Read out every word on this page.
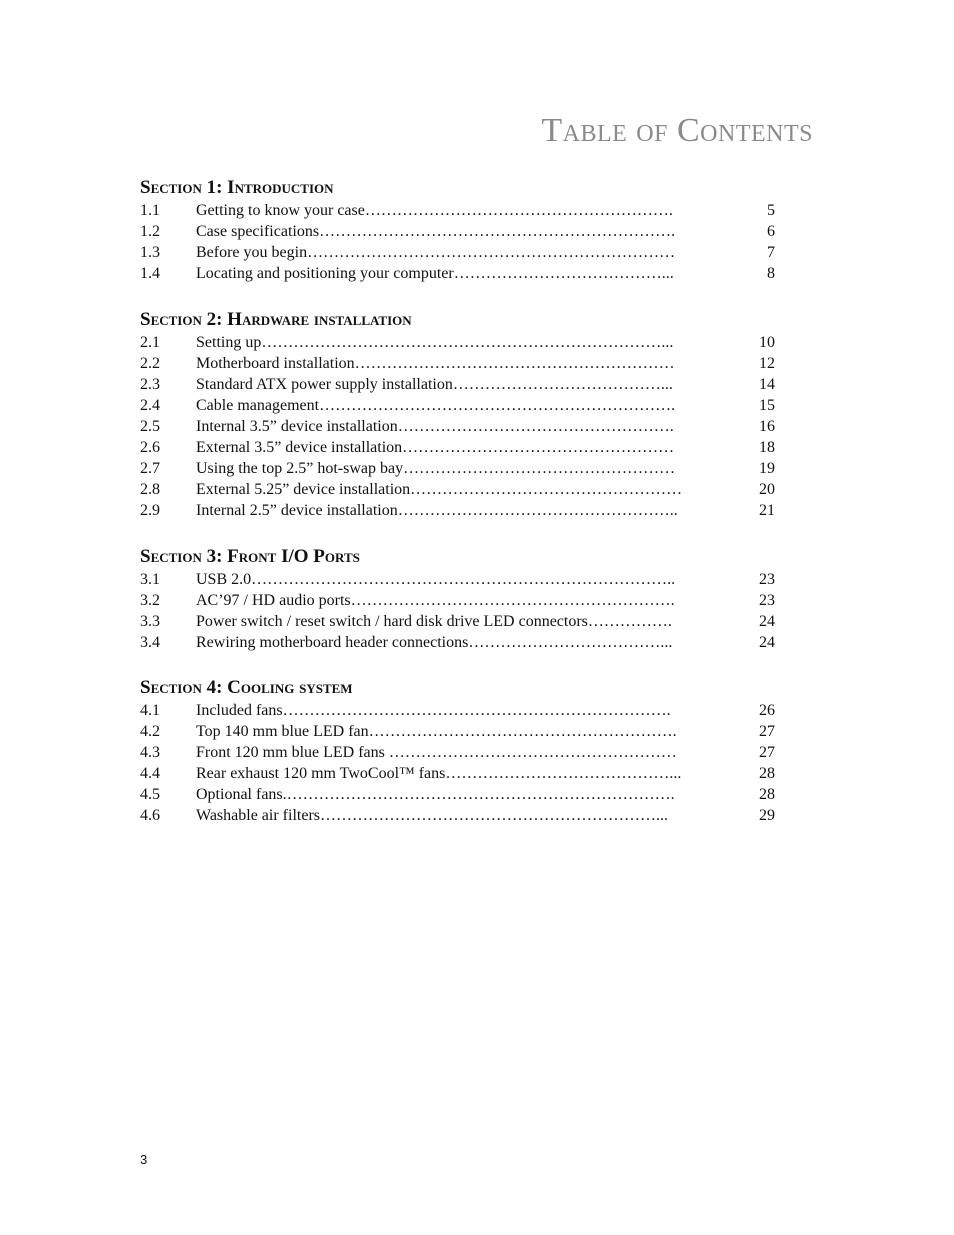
Table of Contents
Section 1: Introduction
1.1	Getting to know your case………………………………………………….	5
1.2	Case specifications………………………………………………………….	6
1.3	Before you begin……………………………………………………………	7
1.4	Locating and positioning your computer…………………………………...	8
Section 2: Hardware installation
2.1	Setting up…………………………………………………………………...	10
2.2	Motherboard installation……………………………………………………	12
2.3	Standard ATX power supply installation…………………………………...	14
2.4	Cable management………………………………………………………….	15
2.5	Internal 3.5” device installation…………………………………………….	16
2.6	External 3.5” device installation……………………………………………	18
2.7	Using the top 2.5” hot-swap bay……………………………………………	19
2.8	External 5.25” device installation……………………………………………	20
2.9	Internal 2.5” device installation……………………………………………..	21
Section 3: Front I/O Ports
3.1	USB 2.0……………………………………………………………………..	23
3.2	AC’97 / HD audio ports…………………………………………………….	23
3.3	Power switch / reset switch / hard disk drive LED connectors…………….	24
3.4	Rewiring motherboard header connections………………………………...	24
Section 4: Cooling system
4.1	Included fans……………………………………………………………….	26
4.2	Top 140 mm blue LED fan………………………………………………….	27
4.3	Front 120 mm blue LED fans ………………………………………………	27
4.4	Rear exhaust 120 mm TwoCool™ fans……………………………………...	28
4.5	Optional fans.……………………………………………………………….	28
4.6	Washable air filters………………………………………………………...	29
3
